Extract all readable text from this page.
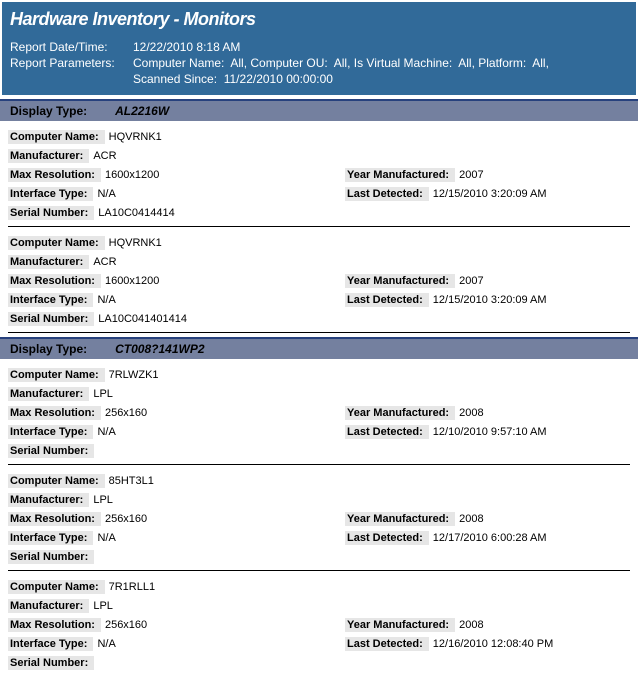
Hardware Inventory - Monitors
Report Date/Time:	12/22/2010 8:18 AM
Report Parameters:	Computer Name:  All, Computer OU:  All, Is Virtual Machine:  All, Platform:  All,
Scanned Since:  11/22/2010 00:00:00
Display Type: AL2216W
Computer Name: HQVRNK1
Manufacturer: ACR
Max Resolution: 1600x1200	Year Manufactured: 2007
Interface Type: N/A	Last Detected: 12/15/2010 3:20:09 AM
Serial Number: LA10C0414414
Computer Name: HQVRNK1
Manufacturer: ACR
Max Resolution: 1600x1200	Year Manufactured: 2007
Interface Type: N/A	Last Detected: 12/15/2010 3:20:09 AM
Serial Number: LA10C041401414
Display Type: CT008?141WP2
Computer Name: 7RLWZK1
Manufacturer: LPL
Max Resolution: 256x160	Year Manufactured: 2008
Interface Type: N/A	Last Detected: 12/10/2010 9:57:10 AM
Serial Number:
Computer Name: 85HT3L1
Manufacturer: LPL
Max Resolution: 256x160	Year Manufactured: 2008
Interface Type: N/A	Last Detected: 12/17/2010 6:00:28 AM
Serial Number:
Computer Name: 7R1RLL1
Manufacturer: LPL
Max Resolution: 256x160	Year Manufactured: 2008
Interface Type: N/A	Last Detected: 12/16/2010 12:08:40 PM
Serial Number:
